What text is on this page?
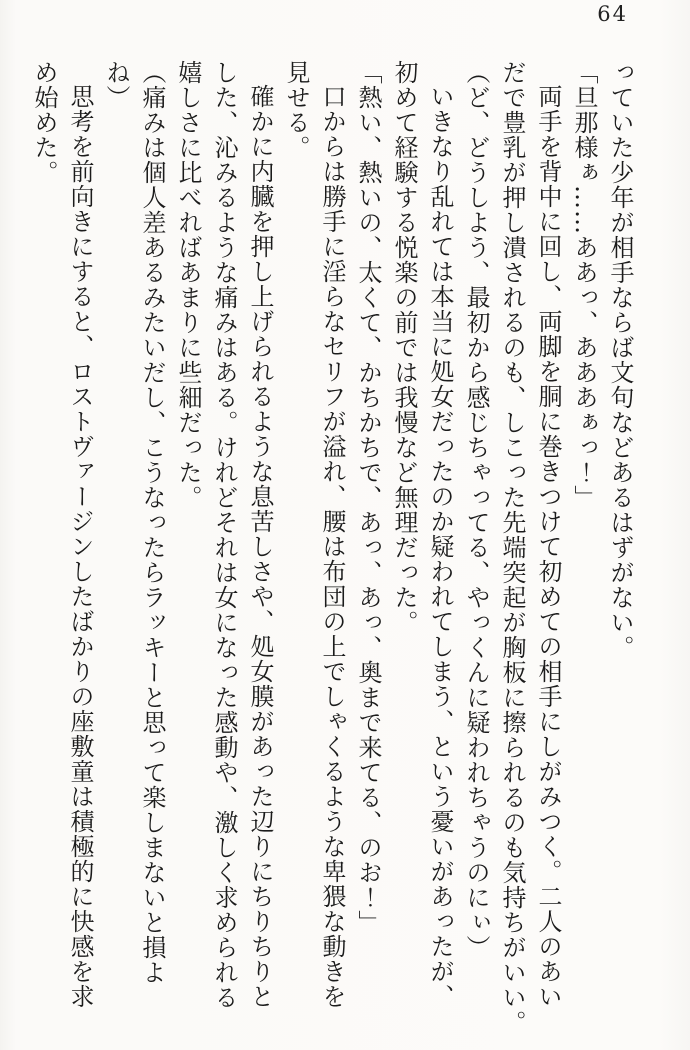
64
っていた少年が相手ならば文句などあるはずがない。
「旦那様ぁ……ああっ、あああぁっ！」
両手を背中に回し、両脚を胴に巻きつけて初めての相手にしがみつく。二人のあい
だで豊乳が押し潰されるのも、しこった先端突起が胸板に擦られるのも気持ちがいい。
（ど、どうしよう、最初から感じちゃってる、やっくんに疑われちゃうのにぃ）
いきなり乱れては本当に処女だったのか疑われてしまう、という憂いがあったが、
初めて経験する悦楽の前では我慢など無理だった。
「熱い、熱いの、太くて、かちかちで、あっ、あっ、奥まで来てる、のお！」
口からは勝手に淫らなセリフが溢れ、腰は布団の上でしゃくるような卑猥な動きを
見せる。
確かに内臓を押し上げられるような息苦しさや、処女膜があった辺りにちりちりと
した、沁みるような痛みはある。けれどそれは女になった感動や、激しく求められる
嬉しさに比べればあまりに些細だった。
（痛みは個人差あるみたいだし、こうなったらラッキーと思って楽しまないと損よ
ね）
思考を前向きにすると、ロストヴァージンしたばかりの座敷童は積極的に快感を求
め始めた。
